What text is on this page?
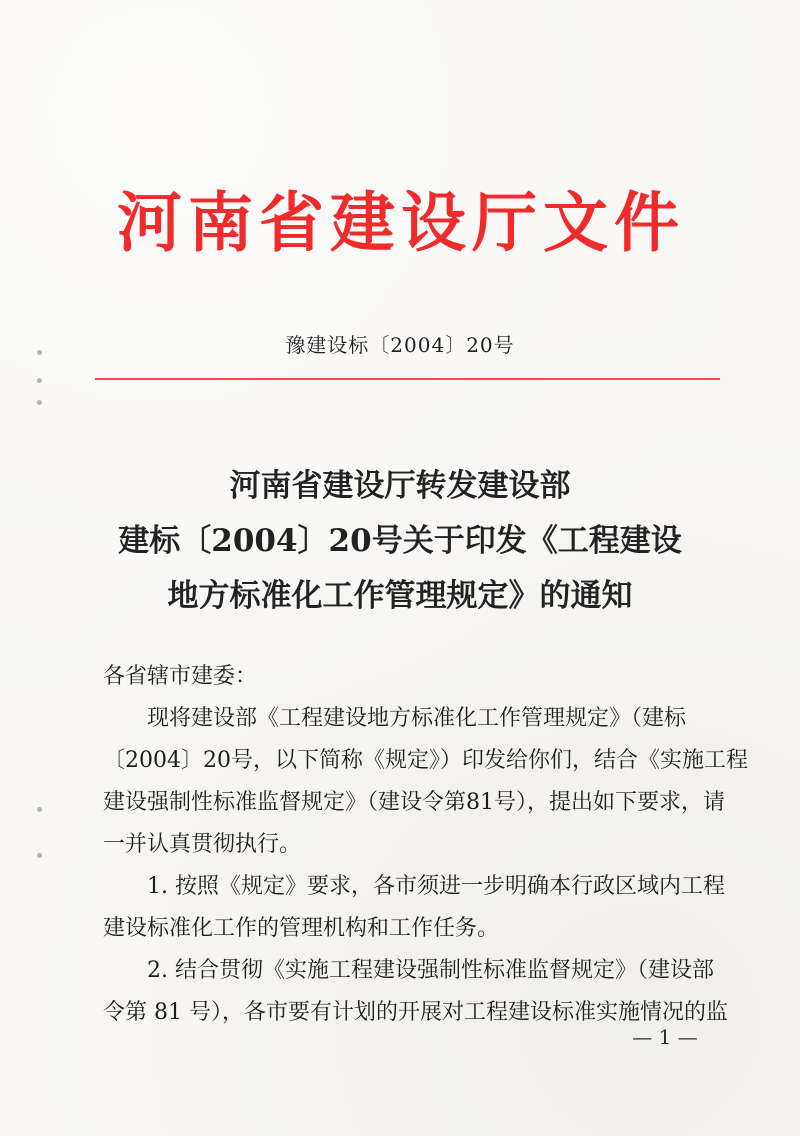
河南省建设厅文件
豫建设标〔2004〕20号
河南省建设厅转发建设部
建标〔2004〕20号关于印发《工程建设
地方标准化工作管理规定》的通知
各省辖市建委：
现将建设部《工程建设地方标准化工作管理规定》（建标
〔2004〕20号，以下简称《规定》）印发给你们，结合《实施工程
建设强制性标准监督规定》（建设令第81号），提出如下要求，请
一并认真贯彻执行。
1. 按照《规定》要求，各市须进一步明确本行政区域内工程
建设标准化工作的管理机构和工作任务。
2. 结合贯彻《实施工程建设强制性标准监督规定》（建设部
令第 81 号），各市要有计划的开展对工程建设标准实施情况的监
— 1 —
